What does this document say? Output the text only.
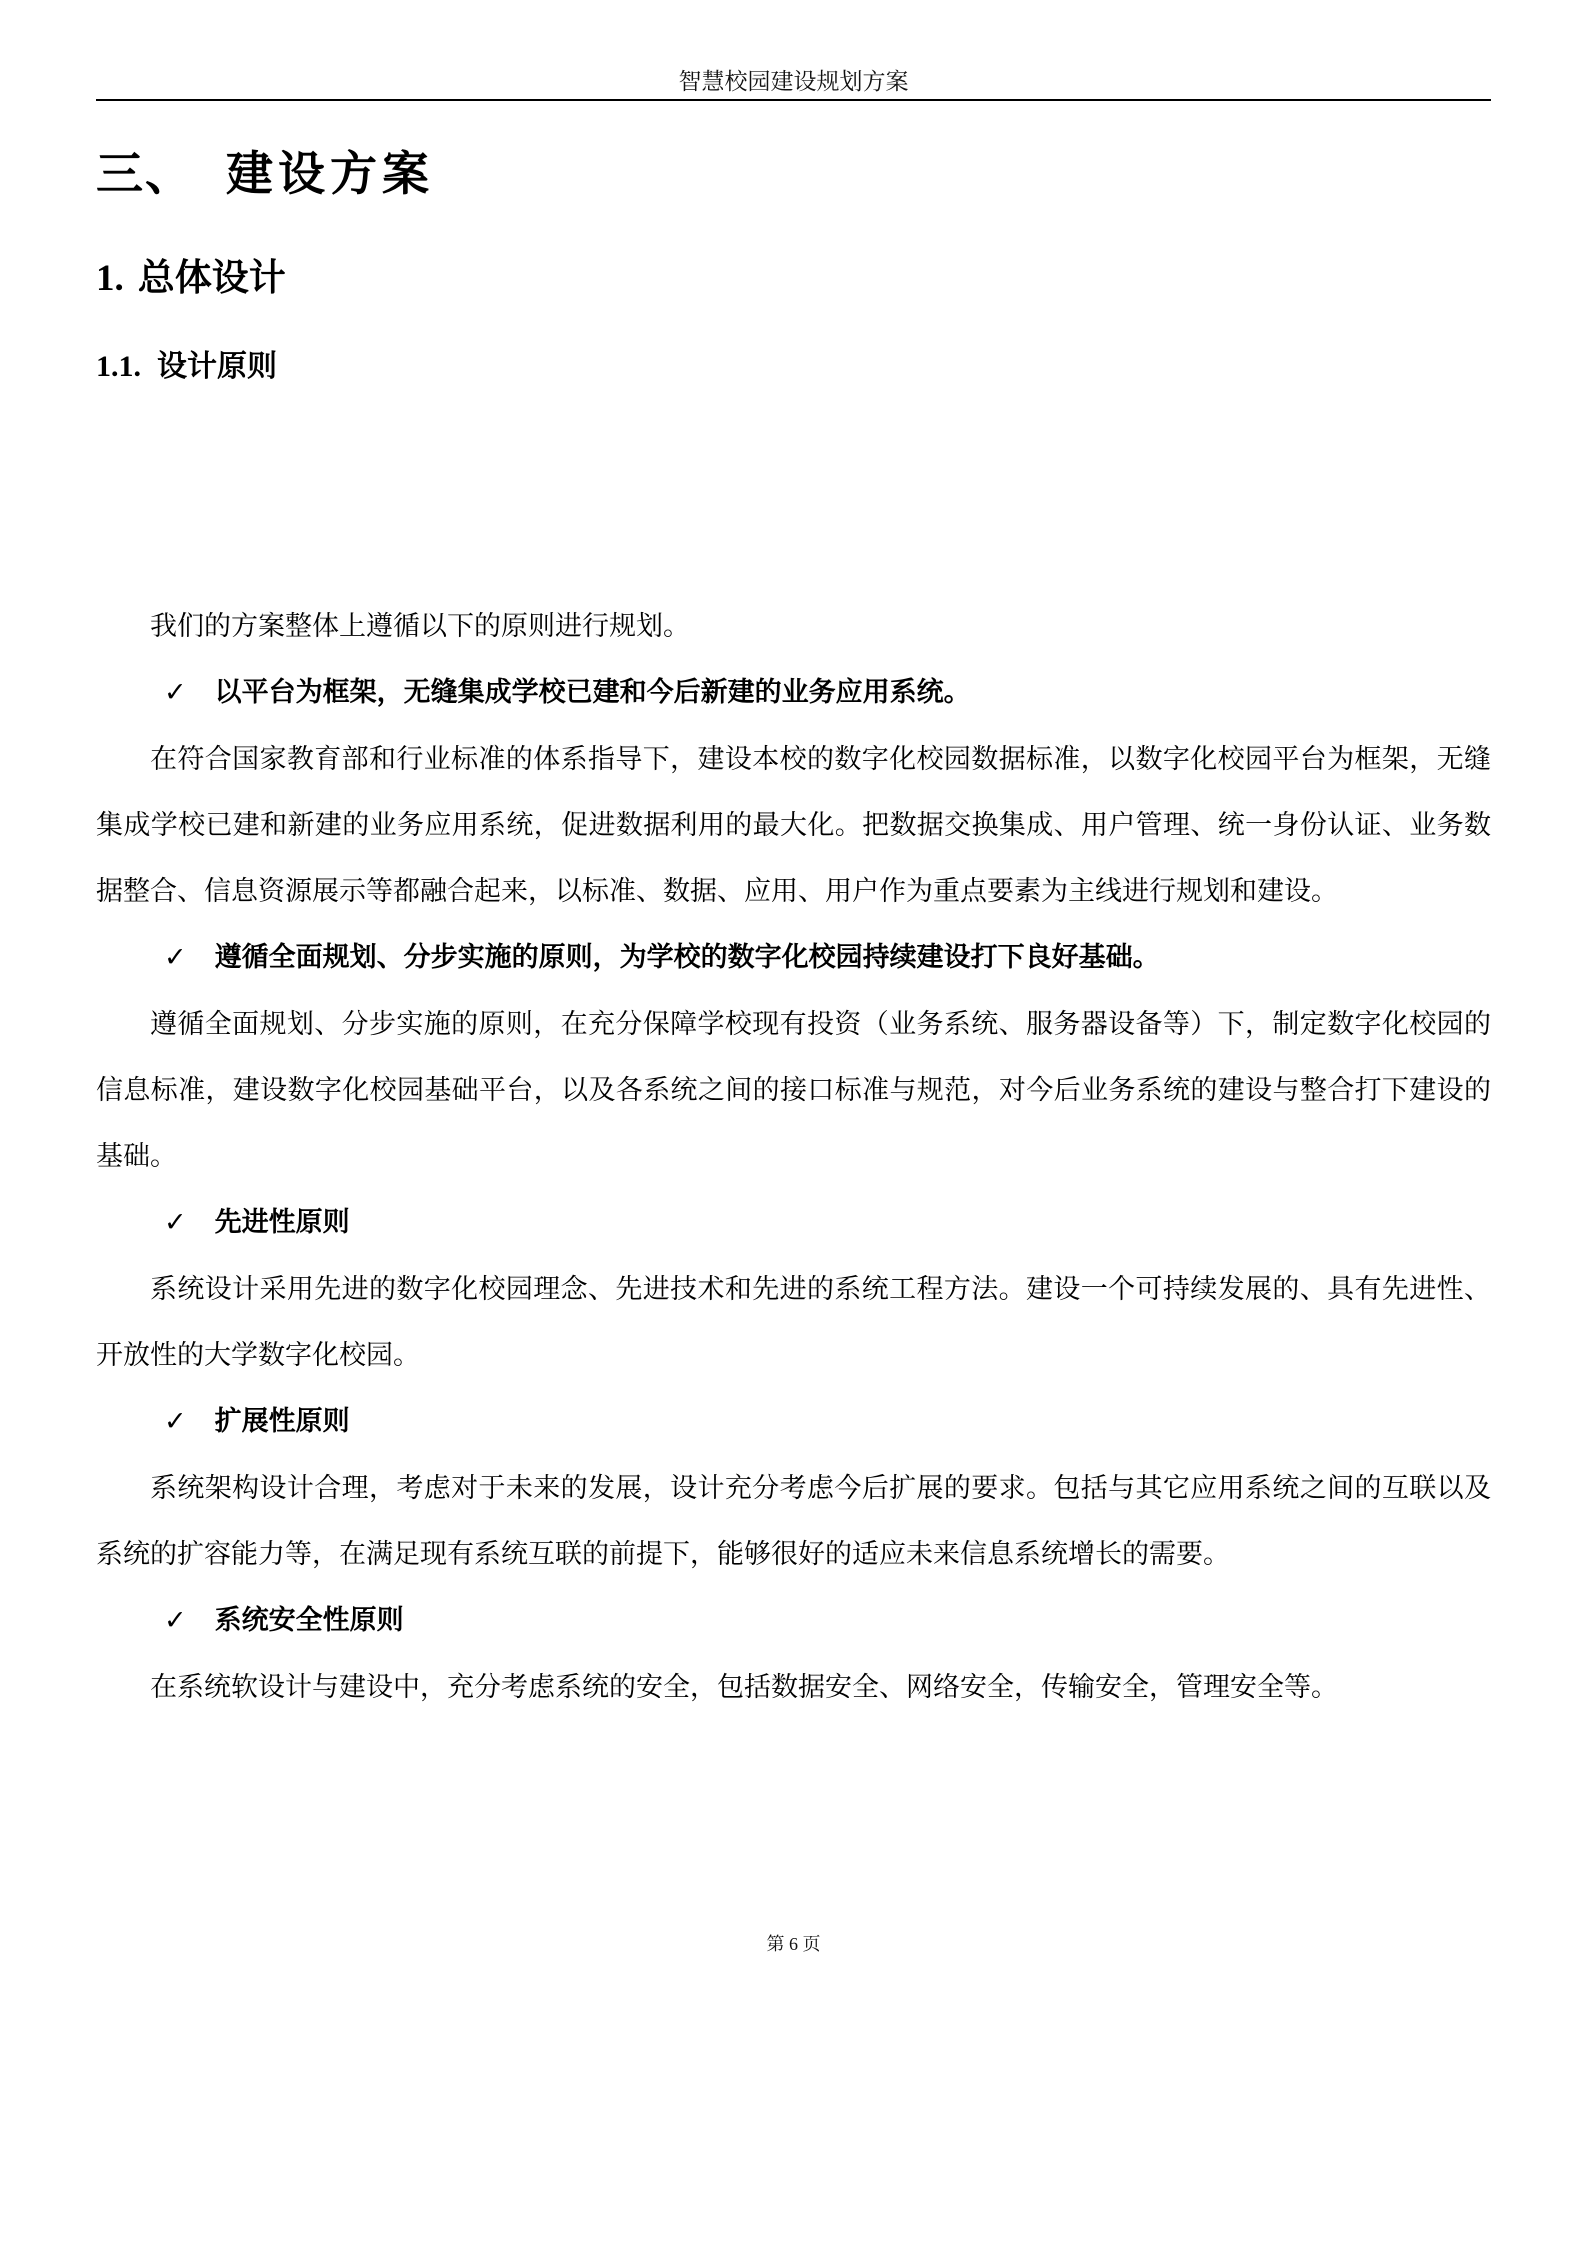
智慧校园建设规划方案
三、 建设方案
1. 总体设计
1.1. 设计原则

我们的方案整体上遵循以下的原则进行规划。

✓ 以平台为框架，无缝集成学校已建和今后新建的业务应用系统。

在符合国家教育部和行业标准的体系指导下，建设本校的数字化校园数据标准，以数字化校园平台为框架，无缝集成学校已建和新建的业务应用系统，促进数据利用的最大化。把数据交换集成、用户管理、统一身份认证、业务数据整合、信息资源展示等都融合起来，以标准、数据、应用、用户作为重点要素为主线进行规划和建设。

✓ 遵循全面规划、分步实施的原则，为学校的数字化校园持续建设打下良好基础。

遵循全面规划、分步实施的原则，在充分保障学校现有投资（业务系统、服务器设备等）下，制定数字化校园的信息标准，建设数字化校园基础平台，以及各系统之间的接口标准与规范，对今后业务系统的建设与整合打下建设的基础。

✓ 先进性原则

系统设计采用先进的数字化校园理念、先进技术和先进的系统工程方法。建设一个可持续发展的、具有先进性、开放性的大学数字化校园。

✓ 扩展性原则

系统架构设计合理，考虑对于未来的发展，设计充分考虑今后扩展的要求。包括与其它应用系统之间的互联以及系统的扩容能力等，在满足现有系统互联的前提下，能够很好的适应未来信息系统增长的需要。

✓ 系统安全性原则

在系统软设计与建设中，充分考虑系统的安全，包括数据安全、网络安全，传输安全，管理安全等。

第 6 页
